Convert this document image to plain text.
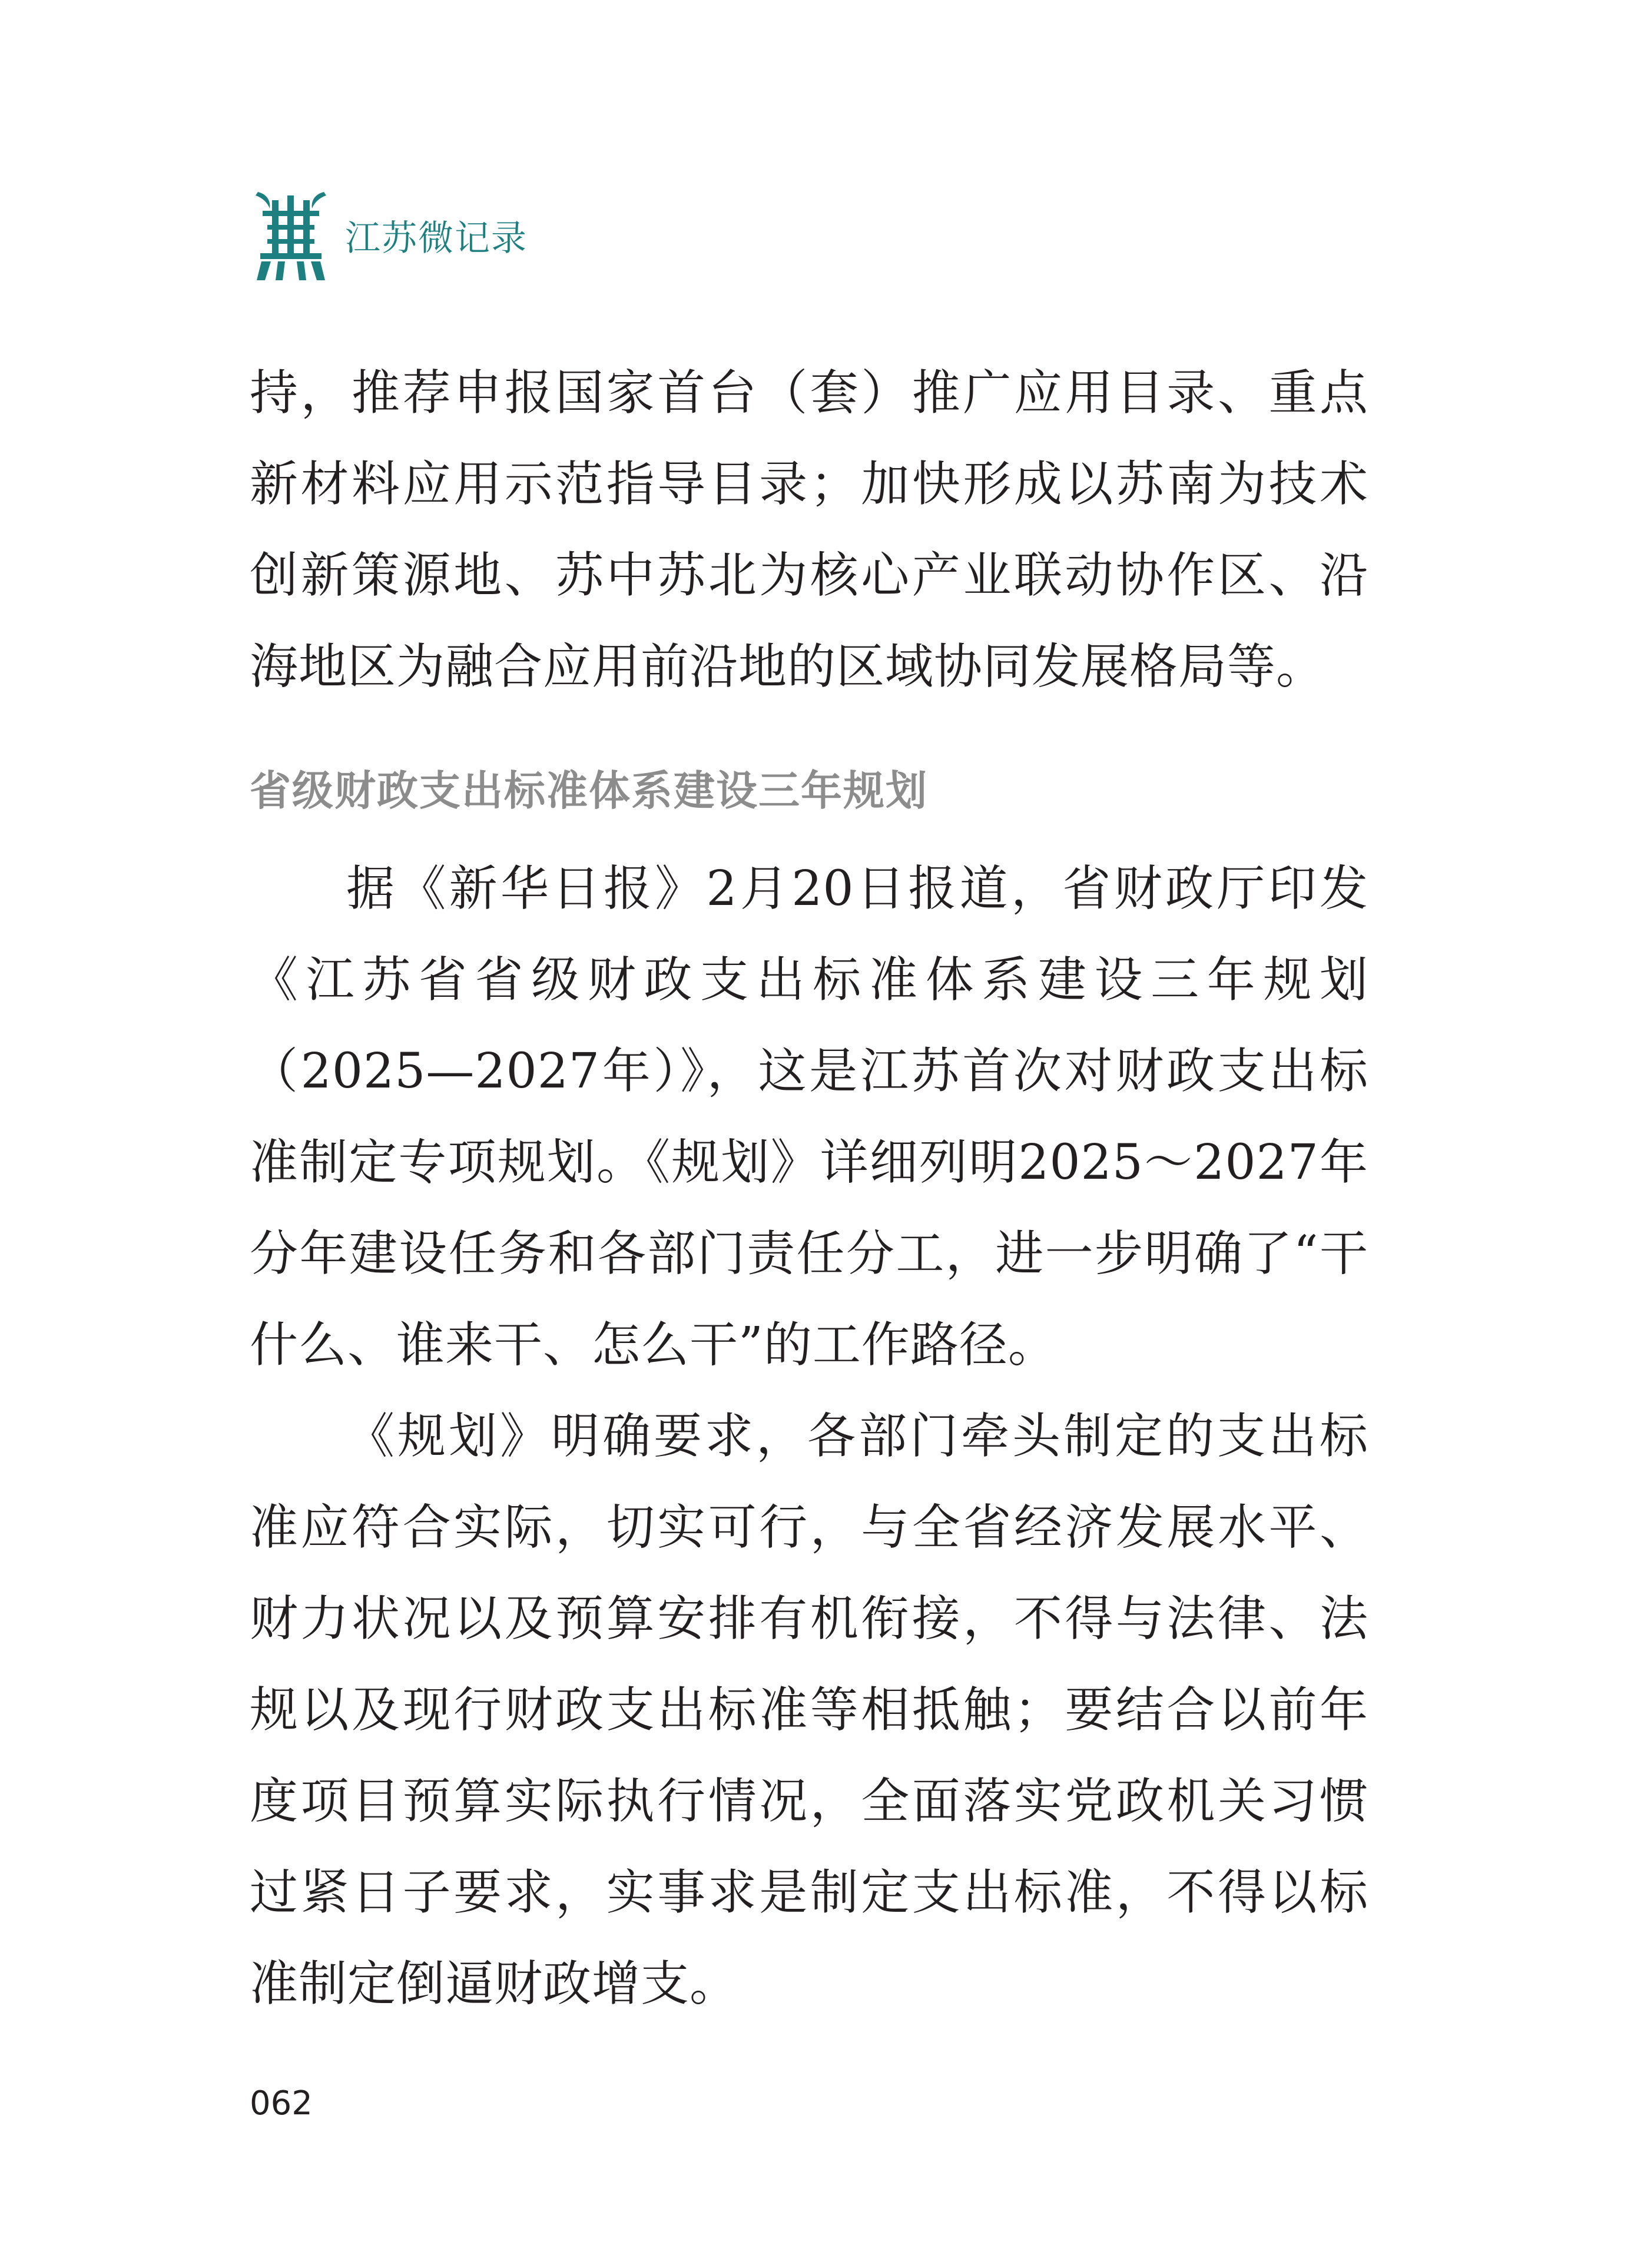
江苏微记录

持，推荐申报国家首台（套）推广应用目录、重点新材料应用示范指导目录；加快形成以苏南为技术创新策源地、苏中苏北为核心产业联动协作区、沿海地区为融合应用前沿地的区域协同发展格局等。

省级财政支出标准体系建设三年规划

据《新华日报》2月20日报道，省财政厅印发《江苏省省级财政支出标准体系建设三年规划（2025—2027年）》，这是江苏首次对财政支出标准制定专项规划。《规划》详细列明2025～2027年分年建设任务和各部门责任分工，进一步明确了“干什么、谁来干、怎么干”的工作路径。

《规划》明确要求，各部门牵头制定的支出标准应符合实际，切实可行，与全省经济发展水平、财力状况以及预算安排有机衔接，不得与法律、法规以及现行财政支出标准等相抵触；要结合以前年度项目预算实际执行情况，全面落实党政机关习惯过紧日子要求，实事求是制定支出标准，不得以标准制定倒逼财政增支。

062
